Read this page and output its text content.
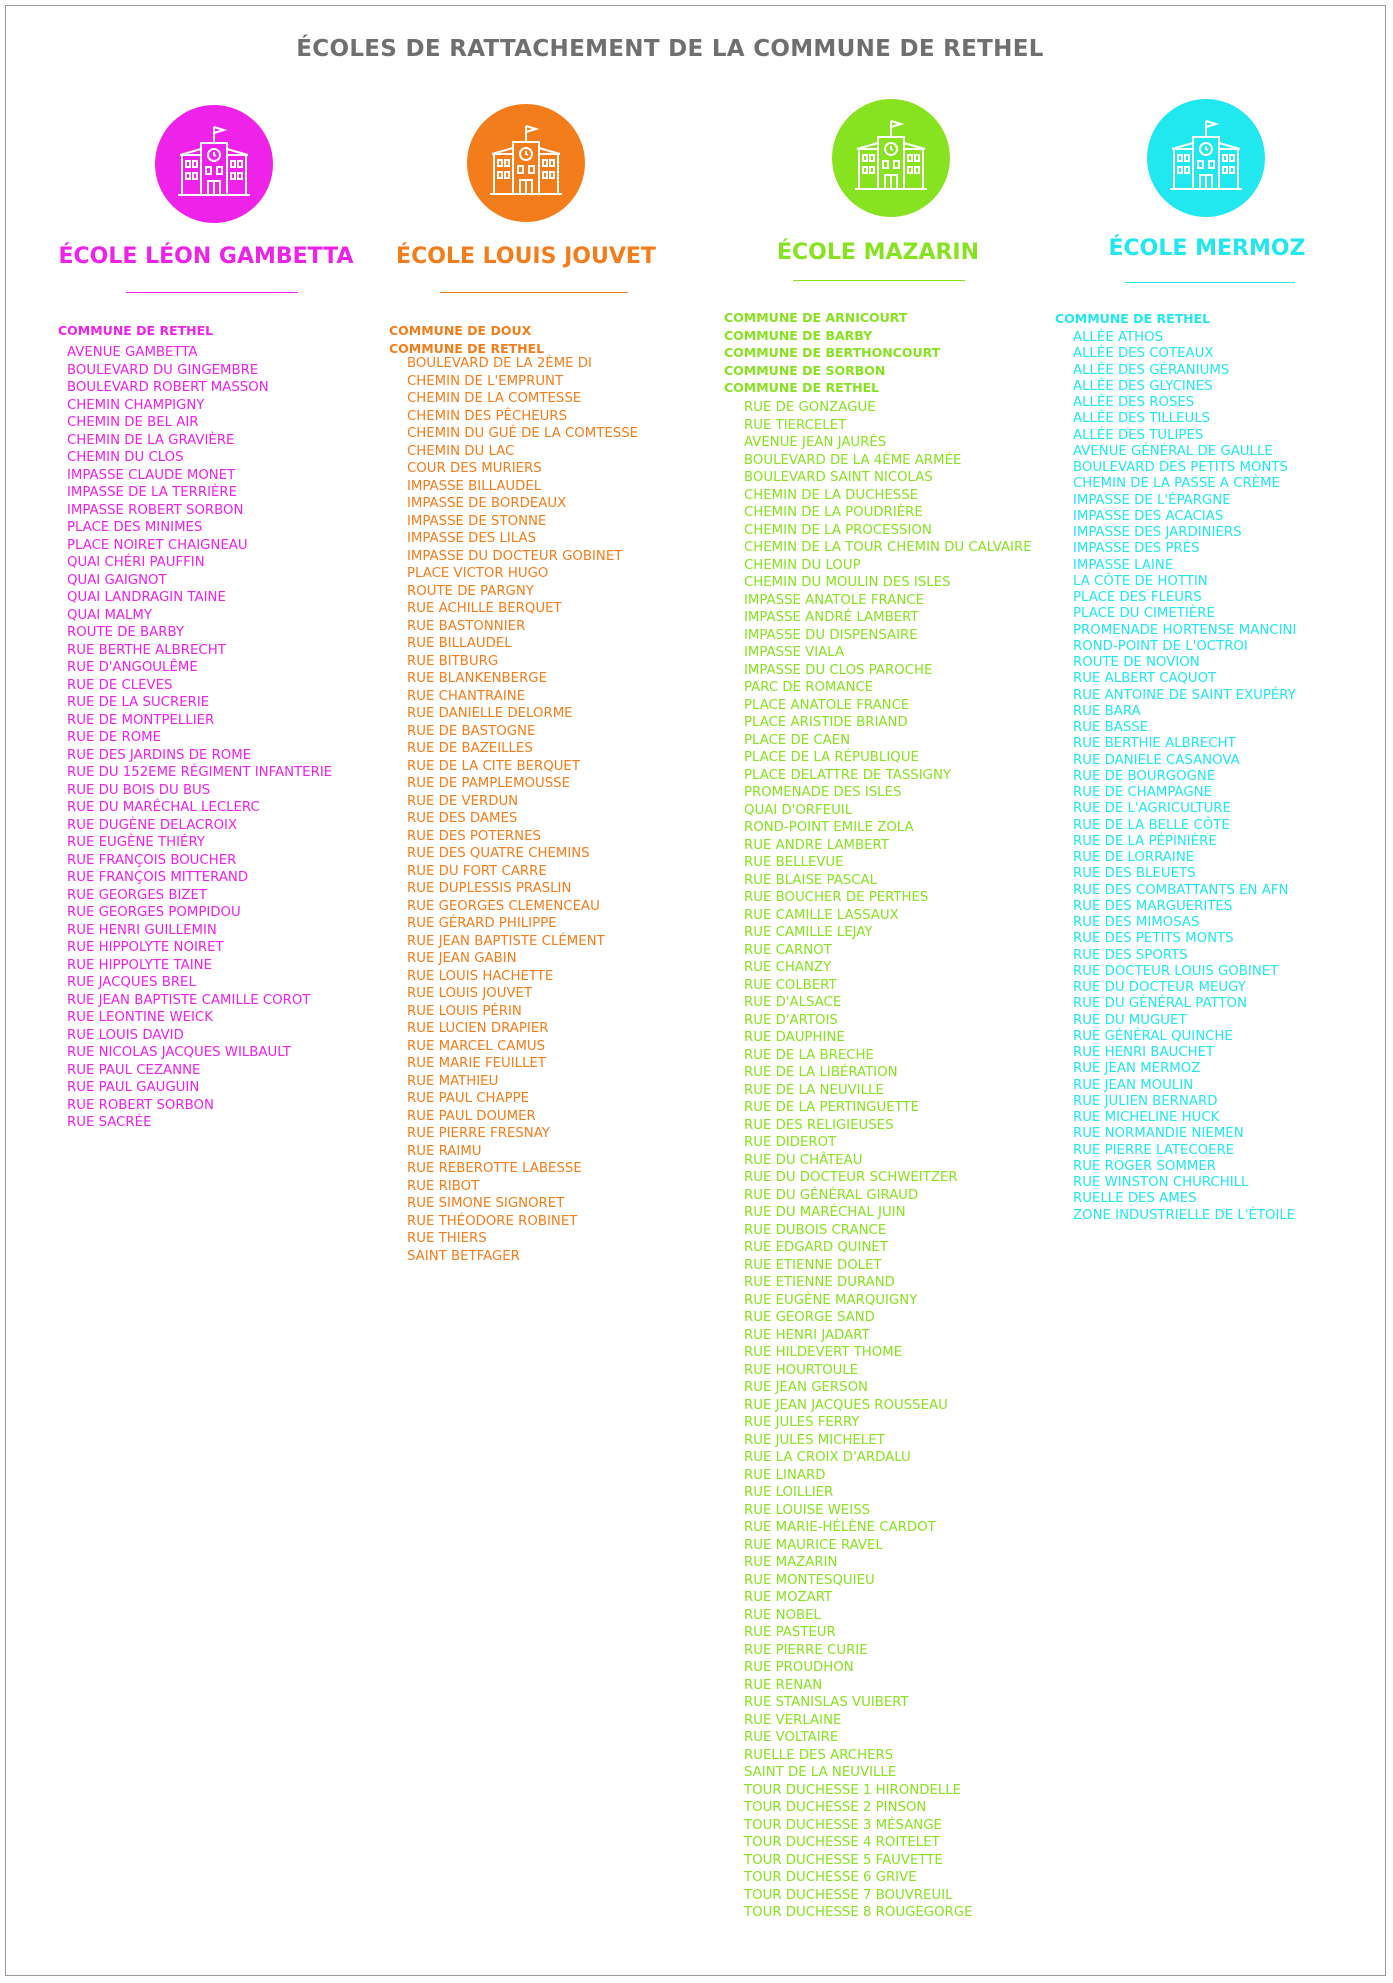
ÉCOLES DE RATTACHEMENT DE LA COMMUNE DE RETHEL
ÉCOLE LÉON GAMBETTA
COMMUNE DE RETHEL
AVENUE GAMBETTA
BOULEVARD DU GINGEMBRE
BOULEVARD ROBERT MASSON
CHEMIN CHAMPIGNY
CHEMIN DE BEL AIR
CHEMIN DE LA GRAVIÈRE
CHEMIN DU CLOS
IMPASSE CLAUDE MONET
IMPASSE DE LA TERRIÈRE
IMPASSE ROBERT SORBON
PLACE DES MINIMES
PLACE NOIRET CHAIGNEAU
QUAI CHÉRI PAUFFIN
QUAI GAIGNOT
QUAI LANDRAGIN TAINE
QUAI MALMY
ROUTE DE BARBY
RUE BERTHE ALBRECHT
RUE D'ANGOULÊME
RUE DE CLEVES
RUE DE LA SUCRERIE
RUE DE MONTPELLIER
RUE DE ROME
RUE DES JARDINS DE ROME
RUE DU 152EME RÉGIMENT INFANTERIE
RUE DU BOIS DU BUS
RUE DU MARÉCHAL LECLERC
RUE DUGÈNE DELACROIX
RUE EUGÈNE THIÉRY
RUE FRANÇOIS BOUCHER
RUE FRANÇOIS MITTERAND
RUE GEORGES BIZET
RUE GEORGES POMPIDOU
RUE HENRI GUILLEMIN
RUE HIPPOLYTE NOIRET
RUE HIPPOLYTE TAINE
RUE JACQUES BREL
RUE JEAN BAPTISTE CAMILLE COROT
RUE LEONTINE WEICK
RUE LOUIS DAVID
RUE NICOLAS JACQUES WILBAULT
RUE PAUL CEZANNE
RUE PAUL GAUGUIN
RUE ROBERT SORBON
RUE SACRÉE
ÉCOLE LOUIS JOUVET
COMMUNE DE DOUX
COMMUNE DE RETHEL
BOULEVARD DE LA 2ÈME DI
CHEMIN DE L'EMPRUNT
CHEMIN DE LA COMTESSE
CHEMIN DES PÊCHEURS
CHEMIN DU GUÉ DE LA COMTESSE
CHEMIN DU LAC
COUR DES MURIERS
IMPASSE BILLAUDEL
IMPASSE DE BORDEAUX
IMPASSE DE STONNE
IMPASSE DES LILAS
IMPASSE DU DOCTEUR GOBINET
PLACE VICTOR HUGO
ROUTE DE PARGNY
RUE ACHILLE BERQUET
RUE BASTONNIER
RUE BILLAUDEL
RUE BITBURG
RUE BLANKENBERGE
RUE CHANTRAINE
RUE DANIELLE DELORME
RUE DE BASTOGNE
RUE DE BAZEILLES
RUE DE LA CITE BERQUET
RUE DE PAMPLEMOUSSE
RUE DE VERDUN
RUE DES DAMES
RUE DES POTERNES
RUE DES QUATRE CHEMINS
RUE DU FORT CARRE
RUE DUPLESSIS PRASLIN
RUE GEORGES CLEMENCEAU
RUE GÉRARD PHILIPPE
RUE JEAN BAPTISTE CLÉMENT
RUE JEAN GABIN
RUE LOUIS HACHETTE
RUE LOUIS JOUVET
RUE LOUIS PÉRIN
RUE LUCIEN DRAPIER
RUE MARCEL CAMUS
RUE MARIE FEUILLET
RUE MATHIEU
RUE PAUL CHAPPE
RUE PAUL DOUMER
RUE PIERRE FRESNAY
RUE RAIMU
RUE REBEROTTE LABESSE
RUE RIBOT
RUE SIMONE SIGNORET
RUE THÉODORE ROBINET
RUE THIERS
SAINT BETFAGER
ÉCOLE MAZARIN
COMMUNE DE ARNICOURT
COMMUNE DE BARBY
COMMUNE DE BERTHONCOURT
COMMUNE DE SORBON
COMMUNE DE RETHEL
RUE DE GONZAGUE
RUE TIERCELET
AVENUE JEAN JAURÉS
BOULEVARD DE LA 4ÈME ARMÉE
BOULEVARD SAINT NICOLAS
CHEMIN DE LA DUCHESSE
CHEMIN DE LA POUDRIÈRE
CHEMIN DE LA PROCESSION
CHEMIN DE LA TOUR CHEMIN DU CALVAIRE
CHEMIN DU LOUP
CHEMIN DU MOULIN DES ISLES
IMPASSE ANATOLE FRANCE
IMPASSE ANDRÉ LAMBERT
IMPASSE DU DISPENSAIRE
IMPASSE VIALA
IMPASSE DU CLOS PAROCHE
PARC DE ROMANCE
PLACE ANATOLE FRANCE
PLACE ARISTIDE BRIAND
PLACE DE CAEN
PLACE DE LA RÉPUBLIQUE
PLACE DELATTRE DE TASSIGNY
PROMENADE DES ISLES
QUAI D'ORFEUIL
ROND-POINT EMILE ZOLA
RUE ANDRE LAMBERT
RUE BELLEVUE
RUE BLAISE PASCAL
RUE BOUCHER DE PERTHES
RUE CAMILLE LASSAUX
RUE CAMILLE LEJAY
RUE CARNOT
RUE CHANZY
RUE COLBERT
RUE D'ALSACE
RUE D'ARTOIS
RUE DAUPHINE
RUE DE LA BRECHE
RUE DE LA LIBÉRATION
RUE DE LA NEUVILLE
RUE DE LA PERTINGUETTE
RUE DES RELIGIEUSES
RUE DIDEROT
RUE DU CHÂTEAU
RUE DU DOCTEUR SCHWEITZER
RUE DU GÉNÉRAL GIRAUD
RUE DU MARÉCHAL JUIN
RUE DUBOIS CRANCE
RUE EDGARD QUINET
RUE ETIENNE DOLET
RUE ETIENNE DURAND
RUE EUGÈNE MARQUIGNY
RUE GEORGE SAND
RUE HENRI JADART
RUE HILDEVERT THOME
RUE HOURTOULE
RUE JEAN GERSON
RUE JEAN JACQUES ROUSSEAU
RUE JULES FERRY
RUE JULES MICHELET
RUE LA CROIX D'ARDALU
RUE LINARD
RUE LOILLIER
RUE LOUISE WEISS
RUE MARIE-HÉLÈNE CARDOT
RUE MAURICE RAVEL
RUE MAZARIN
RUE MONTESQUIEU
RUE MOZART
RUE NOBEL
RUE PASTEUR
RUE PIERRE CURIE
RUE PROUDHON
RUE RENAN
RUE STANISLAS VUIBERT
RUE VERLAINE
RUE VOLTAIRE
RUELLE DES ARCHERS
SAINT DE LA NEUVILLE
TOUR DUCHESSE 1 HIRONDELLE
TOUR DUCHESSE 2 PINSON
TOUR DUCHESSE 3 MÉSANGE
TOUR DUCHESSE 4 ROITELET
TOUR DUCHESSE 5 FAUVETTE
TOUR DUCHESSE 6 GRIVE
TOUR DUCHESSE 7 BOUVREUIL
TOUR DUCHESSE 8 ROUGEGORGE
ÉCOLE MERMOZ
COMMUNE DE RETHEL
ALLÉE ATHOS
ALLÉE DES COTEAUX
ALLÉE DES GÉRANIUMS
ALLÉE DES GLYCINES
ALLÉE DES ROSES
ALLÉE DES TILLEULS
ALLÉE DES TULIPES
AVENUE GÉNÉRAL DE GAULLE
BOULEVARD DES PETITS MONTS
CHEMIN DE LA PASSE A CRÈME
IMPASSE DE L'ÉPARGNE
IMPASSE DES ACACIAS
IMPASSE DES JARDINIERS
IMPASSE DES PRÈS
IMPASSE LAINE
LA CÔTE DE HOTTIN
PLACE DES FLEURS
PLACE DU CIMETIÈRE
PROMENADE HORTENSE MANCINI
ROND-POINT DE L'OCTROI
ROUTE DE NOVION
RUE ALBERT CAQUOT
RUE ANTOINE DE SAINT EXUPÉRY
RUE BARA
RUE BASSE
RUE BERTHIE ALBRECHT
RUE DANIELE CASANOVA
RUE DE BOURGOGNE
RUE DE CHAMPAGNE
RUE DE L'AGRICULTURE
RUE DE LA BELLE CÔTE
RUE DE LA PÉPINIÈRE
RUE DE LORRAINE
RUE DES BLEUETS
RUE DES COMBATTANTS EN AFN
RUE DES MARGUERITES
RUE DES MIMOSAS
RUE DES PETITS MONTS
RUE DES SPORTS
RUE DOCTEUR LOUIS GOBINET
RUE DU DOCTEUR MEUGY
RUE DU GÉNÉRAL PATTON
RUE DU MUGUET
RUE GÉNÉRAL QUINCHE
RUE HENRI BAUCHET
RUE JEAN MERMOZ
RUE JEAN MOULIN
RUE JULIEN BERNARD
RUE MICHELINE HUCK
RUE NORMANDIE NIEMEN
RUE PIERRE LATECOERE
RUE ROGER SOMMER
RUE WINSTON CHURCHILL
RUELLE DES AMES
ZONE INDUSTRIELLE DE L'ÉTOILE
